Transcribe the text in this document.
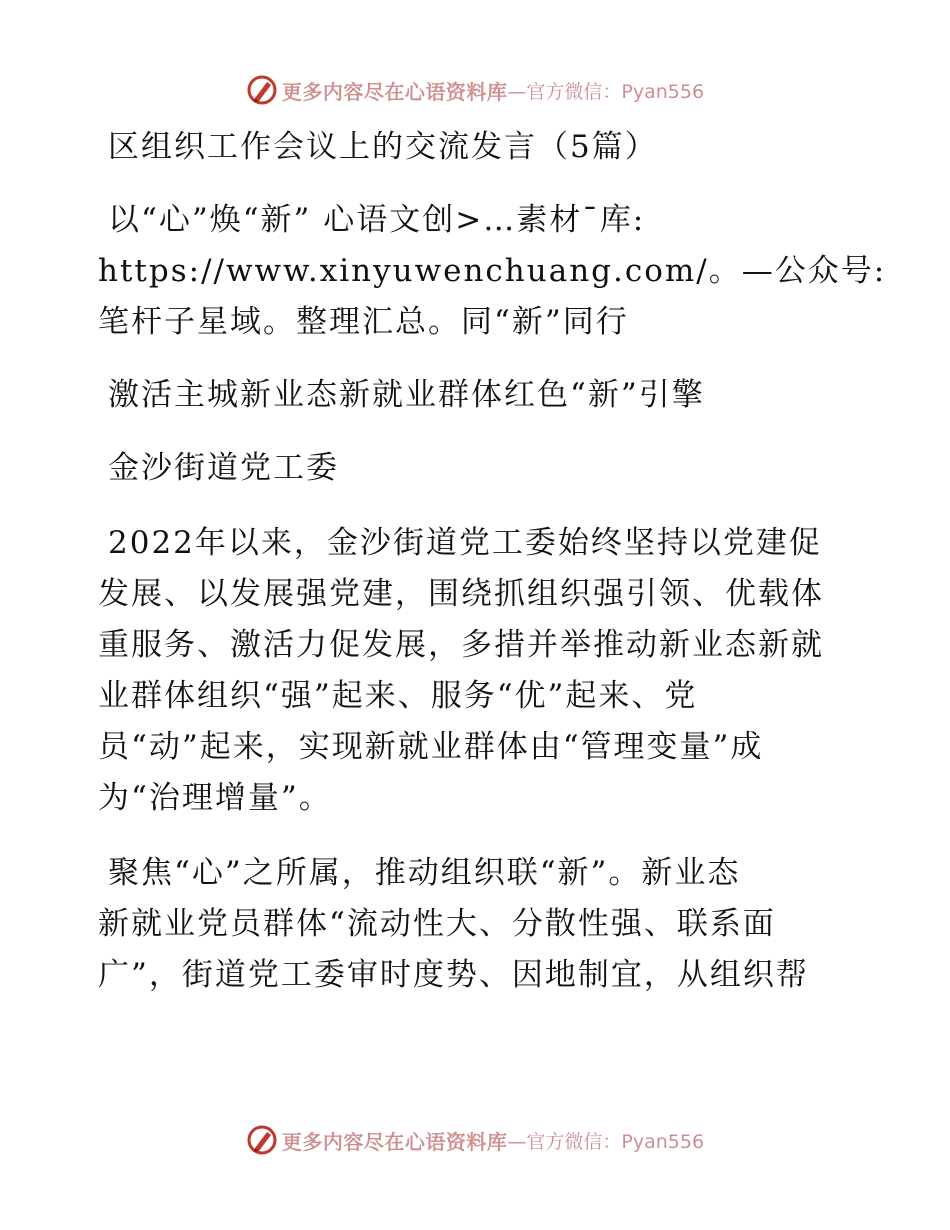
更多内容尽在心语资料库 —官方微信：Pyan556
区组织工作会议上的交流发言（5篇）
以“心”焕“新” 心语文创>…素材¯库:
https://www.xinyuwenchuang.com/。—公众号:
笔杆子星域。整理汇总。同“新”同行
激活主城新业态新就业群体红色“新”引擎
金沙街道党工委
2022年以来，金沙街道党工委始终坚持以党建促
发展、以发展强党建，围绕抓组织强引领、优载体
重服务、激活力促发展，多措并举推动新业态新就
业群体组织“强”起来、服务“优”起来、党
员“动”起来，实现新就业群体由“管理变量”成
为“治理增量”。
聚焦“心”之所属，推动组织联“新”。新业态
新就业党员群体“流动性大、分散性强、联系面
广”，街道党工委审时度势、因地制宜，从组织帮
更多内容尽在心语资料库 —官方微信：Pyan556
